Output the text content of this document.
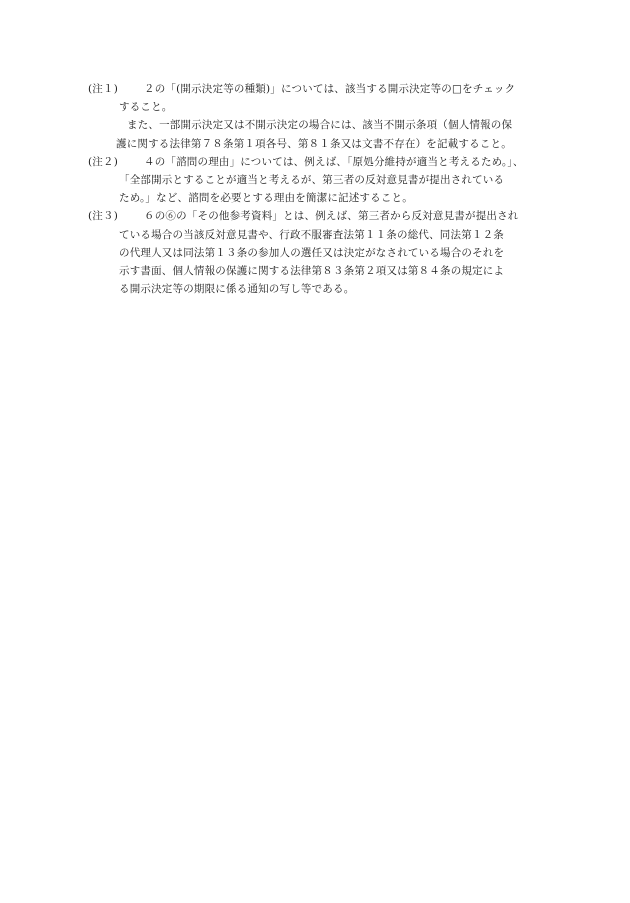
(注１)	２の「(開示決定等の種類)」については、該当する開示決定等の□をチェック
すること。
また、一部開示決定又は不開示決定の場合には、該当不開示条項（個人情報の保
護に関する法律第７８条第１項各号、第８１条又は文書不存在）を記載すること。
(注２)	４の「諮問の理由」については、例えば、「原処分維持が適当と考えるため。」、
「全部開示とすることが適当と考えるが、第三者の反対意見書が提出されている
ため。」など、諮問を必要とする理由を簡潔に記述すること。
(注３)	６の⑥の「その他参考資料」とは、例えば、第三者から反対意見書が提出され
ている場合の当該反対意見書や、行政不服審査法第１１条の総代、同法第１２条
の代理人又は同法第１３条の参加人の選任又は決定がなされている場合のそれを
示す書面、個人情報の保護に関する法律第８３条第２項又は第８４条の規定によ
る開示決定等の期限に係る通知の写し等である。
